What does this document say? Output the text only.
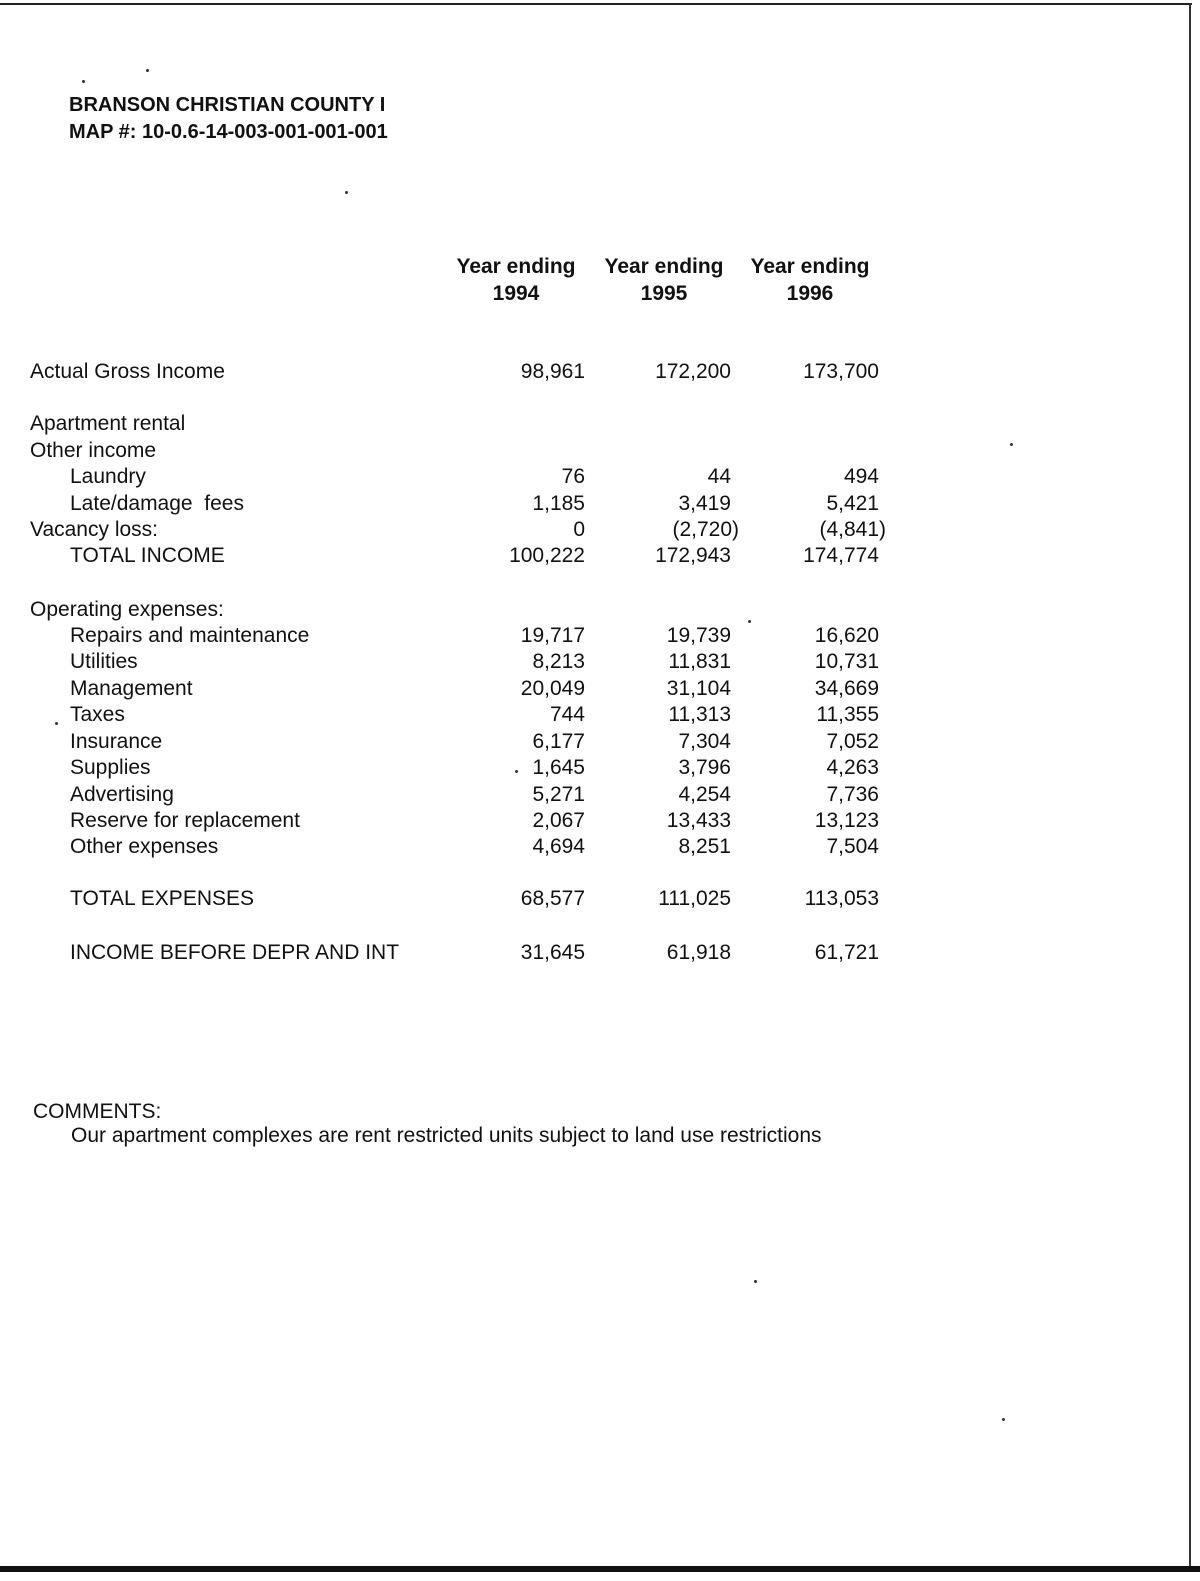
BRANSON CHRISTIAN COUNTY I
MAP #: 10-0.6-14-003-001-001-001
Year ending
1994
Year ending
1995
Year ending
1996
Actual Gross Income	98,961	172,200	173,700
Apartment rental
Other income
Laundry	76	44	494
Late/damage  fees	1,185	3,419	5,421
Vacancy loss:	0	(2,720)	(4,841)
TOTAL INCOME	100,222	172,943	174,774
Operating expenses:
Repairs and maintenance	19,717	19,739	16,620
Utilities	8,213	11,831	10,731
Management	20,049	31,104	34,669
Taxes	744	11,313	11,355
Insurance	6,177	7,304	7,052
Supplies	1,645	3,796	4,263
Advertising	5,271	4,254	7,736
Reserve for replacement	2,067	13,433	13,123
Other expenses	4,694	8,251	7,504
TOTAL EXPENSES	68,577	111,025	113,053
INCOME BEFORE DEPR AND INT	31,645	61,918	61,721
COMMENTS:
Our apartment complexes are rent restricted units subject to land use restrictions
